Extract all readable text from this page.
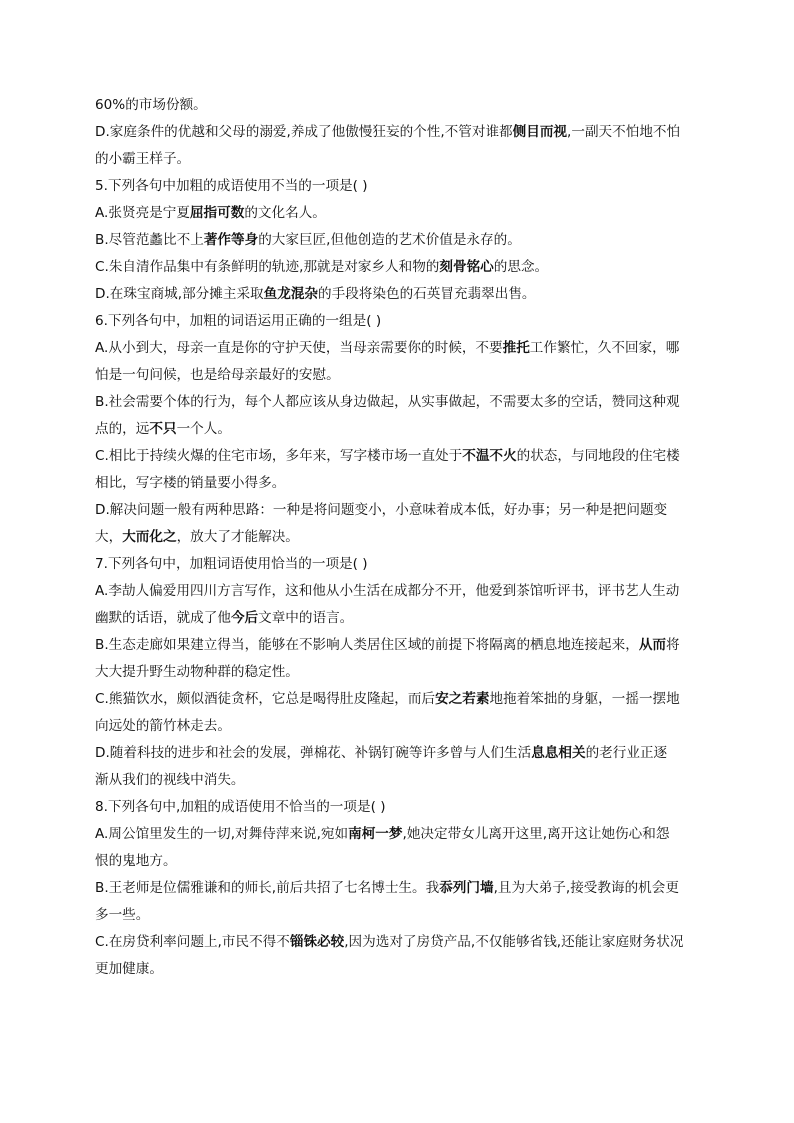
60%的市场份额。
D.家庭条件的优越和父母的溺爱,养成了他傲慢狂妄的个性,不管对谁都侧目而视,一副天不怕地不怕
的小霸王样子。
5.下列各句中加粗的成语使用不当的一项是( )
A.张贤亮是宁夏屈指可数的文化名人。
B.尽管范蠡比不上著作等身的大家巨匠,但他创造的艺术价值是永存的。
C.朱自清作品集中有条鲜明的轨迹,那就是对家乡人和物的刻骨铭心的思念。
D.在珠宝商城,部分摊主采取鱼龙混杂的手段将染色的石英冒充翡翠出售。
6.下列各句中，加粗的词语运用正确的一组是( )
A.从小到大，母亲一直是你的守护天使，当母亲需要你的时候，不要推托工作繁忙，久不回家，哪
怕是一句问候，也是给母亲最好的安慰。
B.社会需要个体的行为，每个人都应该从身边做起，从实事做起，不需要太多的空话，赞同这种观
点的，远不只一个人。
C.相比于持续火爆的住宅市场，多年来，写字楼市场一直处于不温不火的状态，与同地段的住宅楼
相比，写字楼的销量要小得多。
D.解决问题一般有两种思路：一种是将问题变小，小意味着成本低，好办事；另一种是把问题变
大，大而化之，放大了才能解决。
7.下列各句中，加粗词语使用恰当的一项是( )
A.李劼人偏爱用四川方言写作，这和他从小生活在成都分不开，他爱到茶馆听评书，评书艺人生动
幽默的话语，就成了他今后文章中的语言。
B.生态走廊如果建立得当，能够在不影响人类居住区域的前提下将隔离的栖息地连接起来，从而将
大大提升野生动物种群的稳定性。
C.熊猫饮水，颇似酒徒贪杯，它总是喝得肚皮隆起，而后安之若素地拖着笨拙的身躯，一摇一摆地
向远处的箭竹林走去。
D.随着科技的进步和社会的发展，弹棉花、补锅钉碗等许多曾与人们生活息息相关的老行业正逐
渐从我们的视线中消失。
8.下列各句中,加粗的成语使用不恰当的一项是( )
A.周公馆里发生的一切,对舞侍萍来说,宛如南柯一梦,她决定带女儿离开这里,离开这让她伤心和怨
恨的鬼地方。
B.王老师是位儒雅谦和的师长,前后共招了七名博士生。我忝列门墙,且为大弟子,接受教诲的机会更
多一些。
C.在房贷利率问题上,市民不得不锱铢必较,因为选对了房贷产品,不仅能够省钱,还能让家庭财务状况
更加健康。
